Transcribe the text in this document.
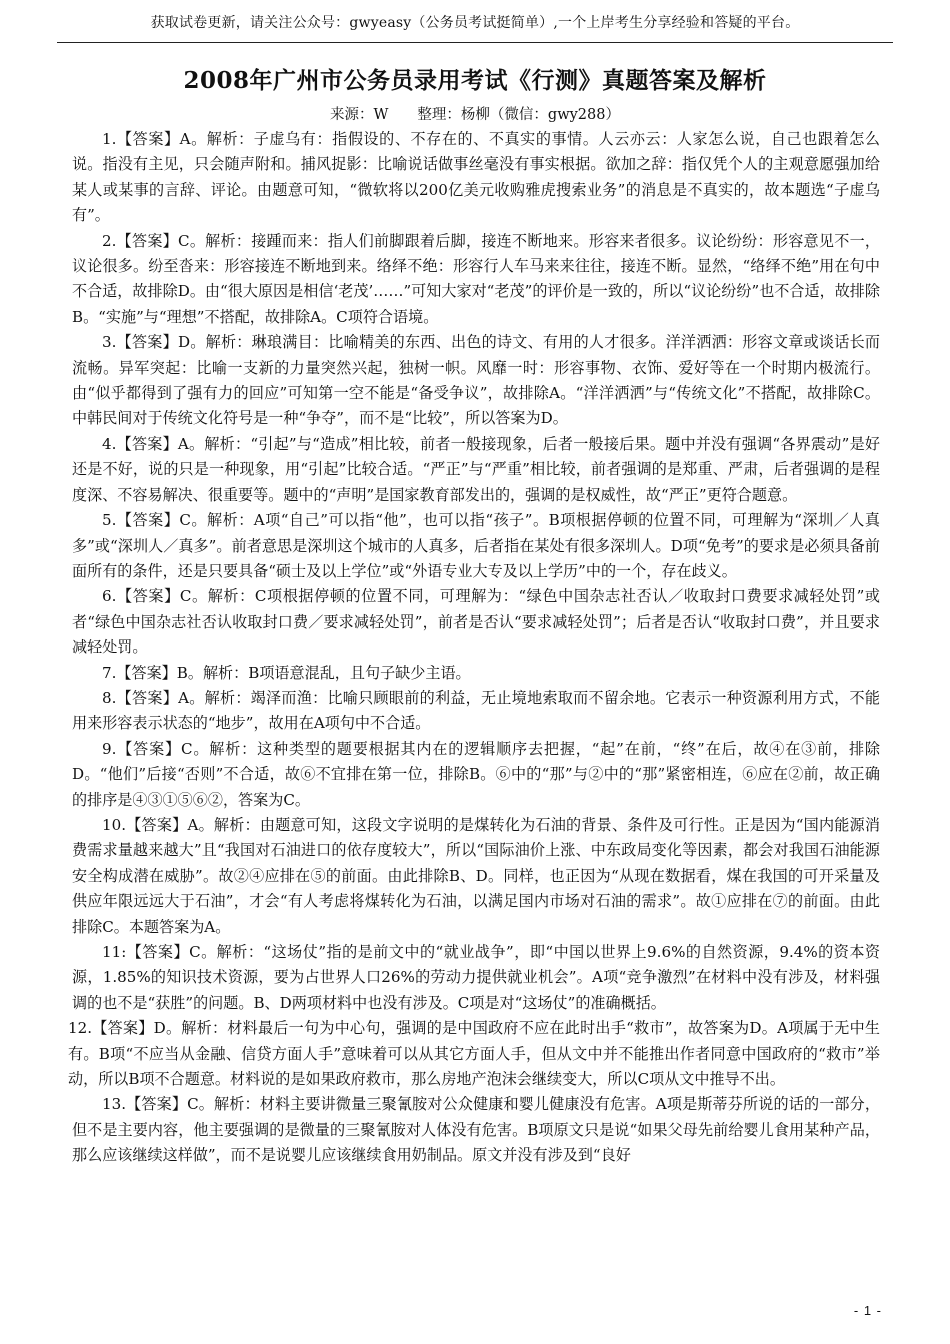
获取试卷更新，请关注公众号：gwyeasy（公务员考试挺简单）,一个上岸考生分享经验和答疑的平台。
2008年广州市公务员录用考试《行测》真题答案及解析
来源：W　　整理：杨柳（微信：gwy288）

1.【答案】A。解析：子虚乌有：指假设的、不存在的、不真实的事情。人云亦云：人家怎么说，自己也跟着怎么说。指没有主见，只会随声附和。捕风捉影：比喻说话做事丝毫没有事实根据。欲加之辞：指仅凭个人的主观意愿强加给某人或某事的言辞、评论。由题意可知，“微软将以200亿美元收购雅虎搜索业务”的消息是不真实的，故本题选“子虚乌有”。

2.【答案】C。解析：接踵而来：指人们前脚跟着后脚，接连不断地来。形容来者很多。议论纷纷：形容意见不一，议论很多。纷至沓来：形容接连不断地到来。络绎不绝：形容行人车马来来往往，接连不断。显然，“络绎不绝”用在句中不合适，故排除D。由“很大原因是相信‘老茂’……”可知大家对“老茂”的评价是一致的，所以“议论纷纷”也不合适，故排除B。“实施”与“理想”不搭配，故排除A。C项符合语境。

3.【答案】D。解析：琳琅满目：比喻精美的东西、出色的诗文、有用的人才很多。洋洋洒洒：形容文章或谈话长而流畅。异军突起：比喻一支新的力量突然兴起，独树一帜。风靡一时：形容事物、衣饰、爱好等在一个时期内极流行。由“似乎都得到了强有力的回应”可知第一空不能是“备受争议”，故排除A。“洋洋洒洒”与“传统文化”不搭配，故排除C。中韩民间对于传统文化符号是一种“争夺”，而不是“比较”，所以答案为D。

4.【答案】A。解析：“引起”与“造成”相比较，前者一般接现象，后者一般接后果。题中并没有强调“各界震动”是好还是不好，说的只是一种现象，用“引起”比较合适。“严正”与“严重”相比较，前者强调的是郑重、严肃，后者强调的是程度深、不容易解决、很重要等。题中的“声明”是国家教育部发出的，强调的是权威性，故“严正”更符合题意。

5.【答案】C。解析：A项“自己”可以指“他”，也可以指“孩子”。B项根据停顿的位置不同，可理解为“深圳／人真多”或“深圳人／真多”。前者意思是深圳这个城市的人真多，后者指在某处有很多深圳人。D项“免考”的要求是必须具备前面所有的条件，还是只要具备“硕士及以上学位”或“外语专业大专及以上学历”中的一个，存在歧义。

6.【答案】C。解析：C项根据停顿的位置不同，可理解为：“绿色中国杂志社否认／收取封口费要求减轻处罚”或者“绿色中国杂志社否认收取封口费／要求减轻处罚”，前者是否认“要求减轻处罚”；后者是否认“收取封口费”，并且要求减轻处罚。

7.【答案】B。解析：B项语意混乱，且句子缺少主语。

8.【答案】A。解析：竭泽而渔：比喻只顾眼前的利益，无止境地索取而不留余地。它表示一种资源利用方式，不能用来形容表示状态的“地步”，故用在A项句中不合适。

9.【答案】C。解析：这种类型的题要根据其内在的逻辑顺序去把握，“起”在前，“终”在后，故④在③前，排除D。“他们”后接“否则”不合适，故⑥不宜排在第一位，排除B。⑥中的“那”与②中的“那”紧密相连，⑥应在②前，故正确的排序是④③①⑤⑥②，答案为C。

10.【答案】A。解析：由题意可知，这段文字说明的是煤转化为石油的背景、条件及可行性。正是因为“国内能源消费需求量越来越大”且“我国对石油进口的依存度较大”，所以“国际油价上涨、中东政局变化等因素，都会对我国石油能源安全构成潜在威胁”。故②④应排在⑤的前面。由此排除B、D。同样，也正因为“从现在数据看，煤在我国的可开采量及供应年限远远大于石油”，才会“有人考虑将煤转化为石油，以满足国内市场对石油的需求”。故①应排在⑦的前面。由此排除C。本题答案为A。

11:【答案】C。解析：“这场仗”指的是前文中的“就业战争”，即“中国以世界上9.6%的自然资源，9.4%的资本资源，1.85%的知识技术资源，要为占世界人口26%的劳动力提供就业机会”。A项“竞争激烈”在材料中没有涉及，材料强调的也不是“获胜”的问题。B、D两项材料中也没有涉及。C项是对“这场仗”的准确概括。

12.【答案】D。解析：材料最后一句为中心句，强调的是中国政府不应在此时出手“救市”，故答案为D。A项属于无中生有。B项“不应当从金融、信贷方面人手”意味着可以从其它方面人手，但从文中并不能推出作者同意中国政府的“救市”举动，所以B项不合题意。材料说的是如果政府救市，那么房地产泡沫会继续变大，所以C项从文中推导不出。

13.【答案】C。解析：材料主要讲微量三聚氰胺对公众健康和婴儿健康没有危害。A项是斯蒂芬所说的话的一部分，但不是主要内容，他主要强调的是微量的三聚氰胺对人体没有危害。B项原文只是说“如果父母先前给婴儿食用某种产品，那么应该继续这样做”，而不是说婴儿应该继续食用奶制品。原文并没有涉及到“良好

- 1 -
